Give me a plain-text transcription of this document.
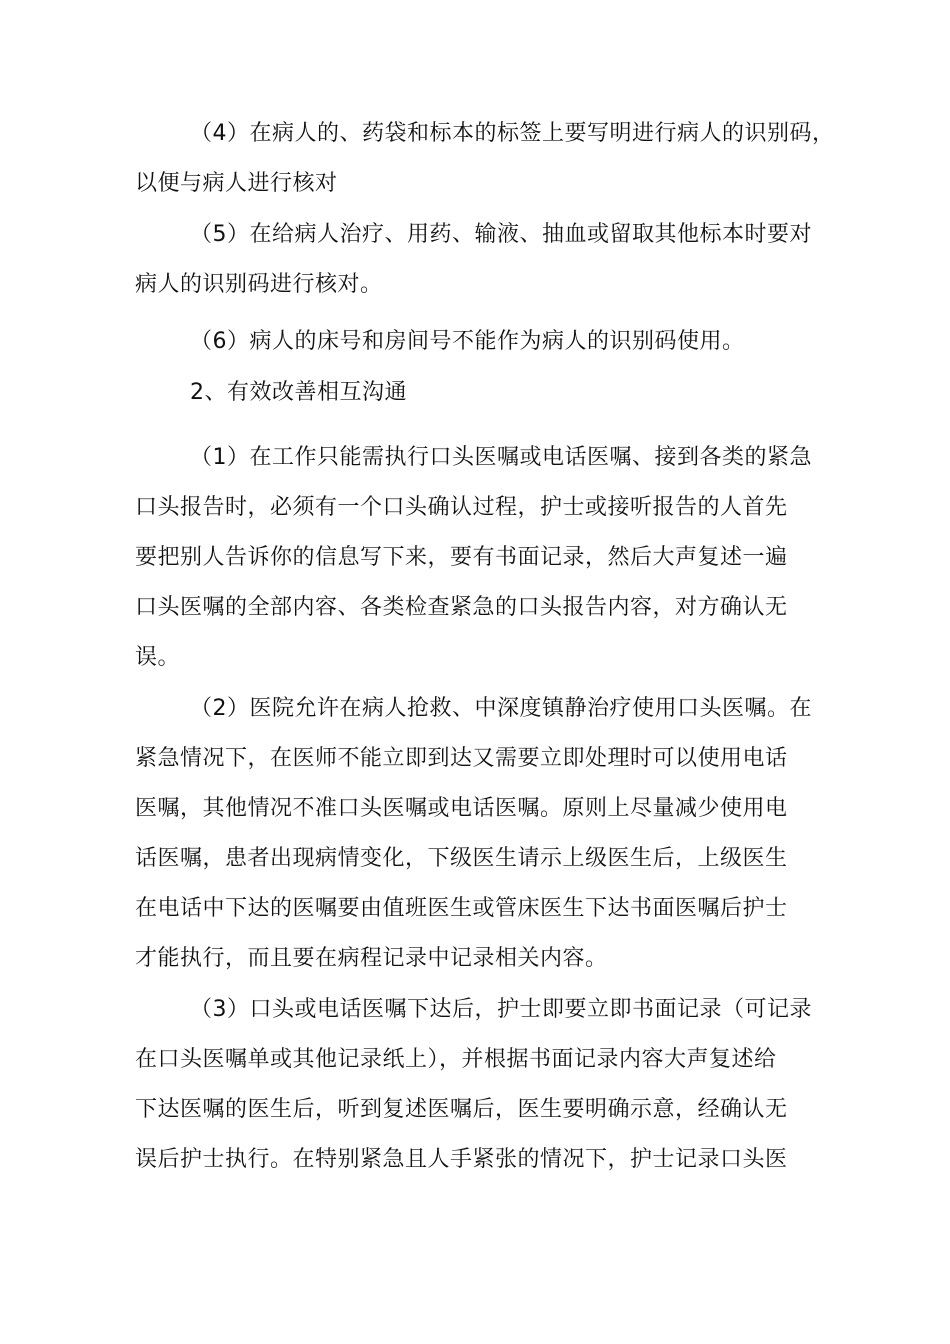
（4）在病人的、药袋和标本的标签上要写明进行病人的识别码，
以便与病人进行核对
（5）在给病人治疗、用药、输液、抽血或留取其他标本时要对
病人的识别码进行核对。
（6）病人的床号和房间号不能作为病人的识别码使用。
2、有效改善相互沟通
（1）在工作只能需执行口头医嘱或电话医嘱、接到各类的紧急
口头报告时，必须有一个口头确认过程，护士或接听报告的人首先
要把别人告诉你的信息写下来，要有书面记录，然后大声复述一遍
口头医嘱的全部内容、各类检查紧急的口头报告内容，对方确认无
误。
（2）医院允许在病人抢救、中深度镇静治疗使用口头医嘱。在
紧急情况下，在医师不能立即到达又需要立即处理时可以使用电话
医嘱，其他情况不准口头医嘱或电话医嘱。原则上尽量减少使用电
话医嘱，患者出现病情变化，下级医生请示上级医生后，上级医生
在电话中下达的医嘱要由值班医生或管床医生下达书面医嘱后护士
才能执行，而且要在病程记录中记录相关内容。
（3）口头或电话医嘱下达后，护士即要立即书面记录（可记录
在口头医嘱单或其他记录纸上），并根据书面记录内容大声复述给
下达医嘱的医生后，听到复述医嘱后，医生要明确示意，经确认无
误后护士执行。在特别紧急且人手紧张的情况下，护士记录口头医
